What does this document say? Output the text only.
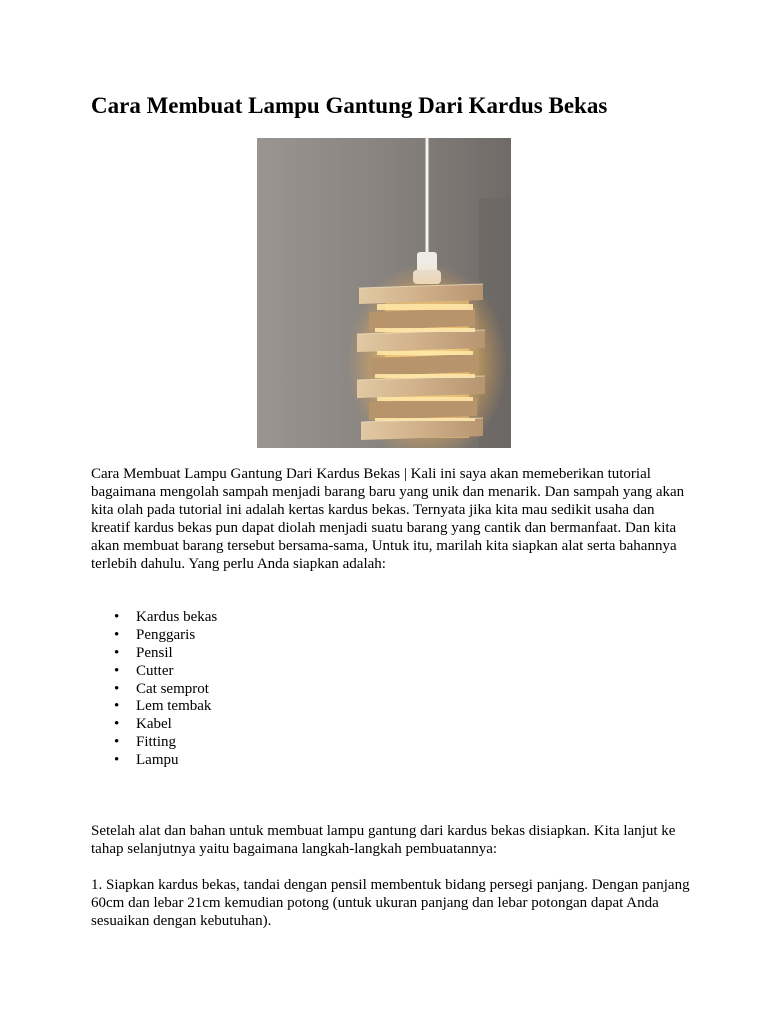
Cara Membuat Lampu Gantung Dari Kardus Bekas

Cara Membuat Lampu Gantung Dari Kardus Bekas | Kali ini saya akan memeberikan tutorial bagaimana mengolah sampah menjadi barang baru yang unik dan menarik. Dan sampah yang akan kita olah pada tutorial ini adalah kertas kardus bekas. Ternyata jika kita mau sedikit usaha dan kreatif kardus bekas pun dapat diolah menjadi suatu barang yang cantik dan bermanfaat. Dan kita akan membuat barang tersebut bersama-sama, Untuk itu, marilah kita siapkan alat serta bahannya terlebih dahulu. Yang perlu Anda siapkan adalah:

• Kardus bekas
• Penggaris
• Pensil
• Cutter
• Cat semprot
• Lem tembak
• Kabel
• Fitting
• Lampu

Setelah alat dan bahan untuk membuat lampu gantung dari kardus bekas disiapkan. Kita lanjut ke tahap selanjutnya yaitu bagaimana langkah-langkah pembuatannya:

1. Siapkan kardus bekas, tandai dengan pensil membentuk bidang persegi panjang. Dengan panjang 60cm dan lebar 21cm kemudian potong (untuk ukuran panjang dan lebar potongan dapat Anda sesuaikan dengan kebutuhan).
